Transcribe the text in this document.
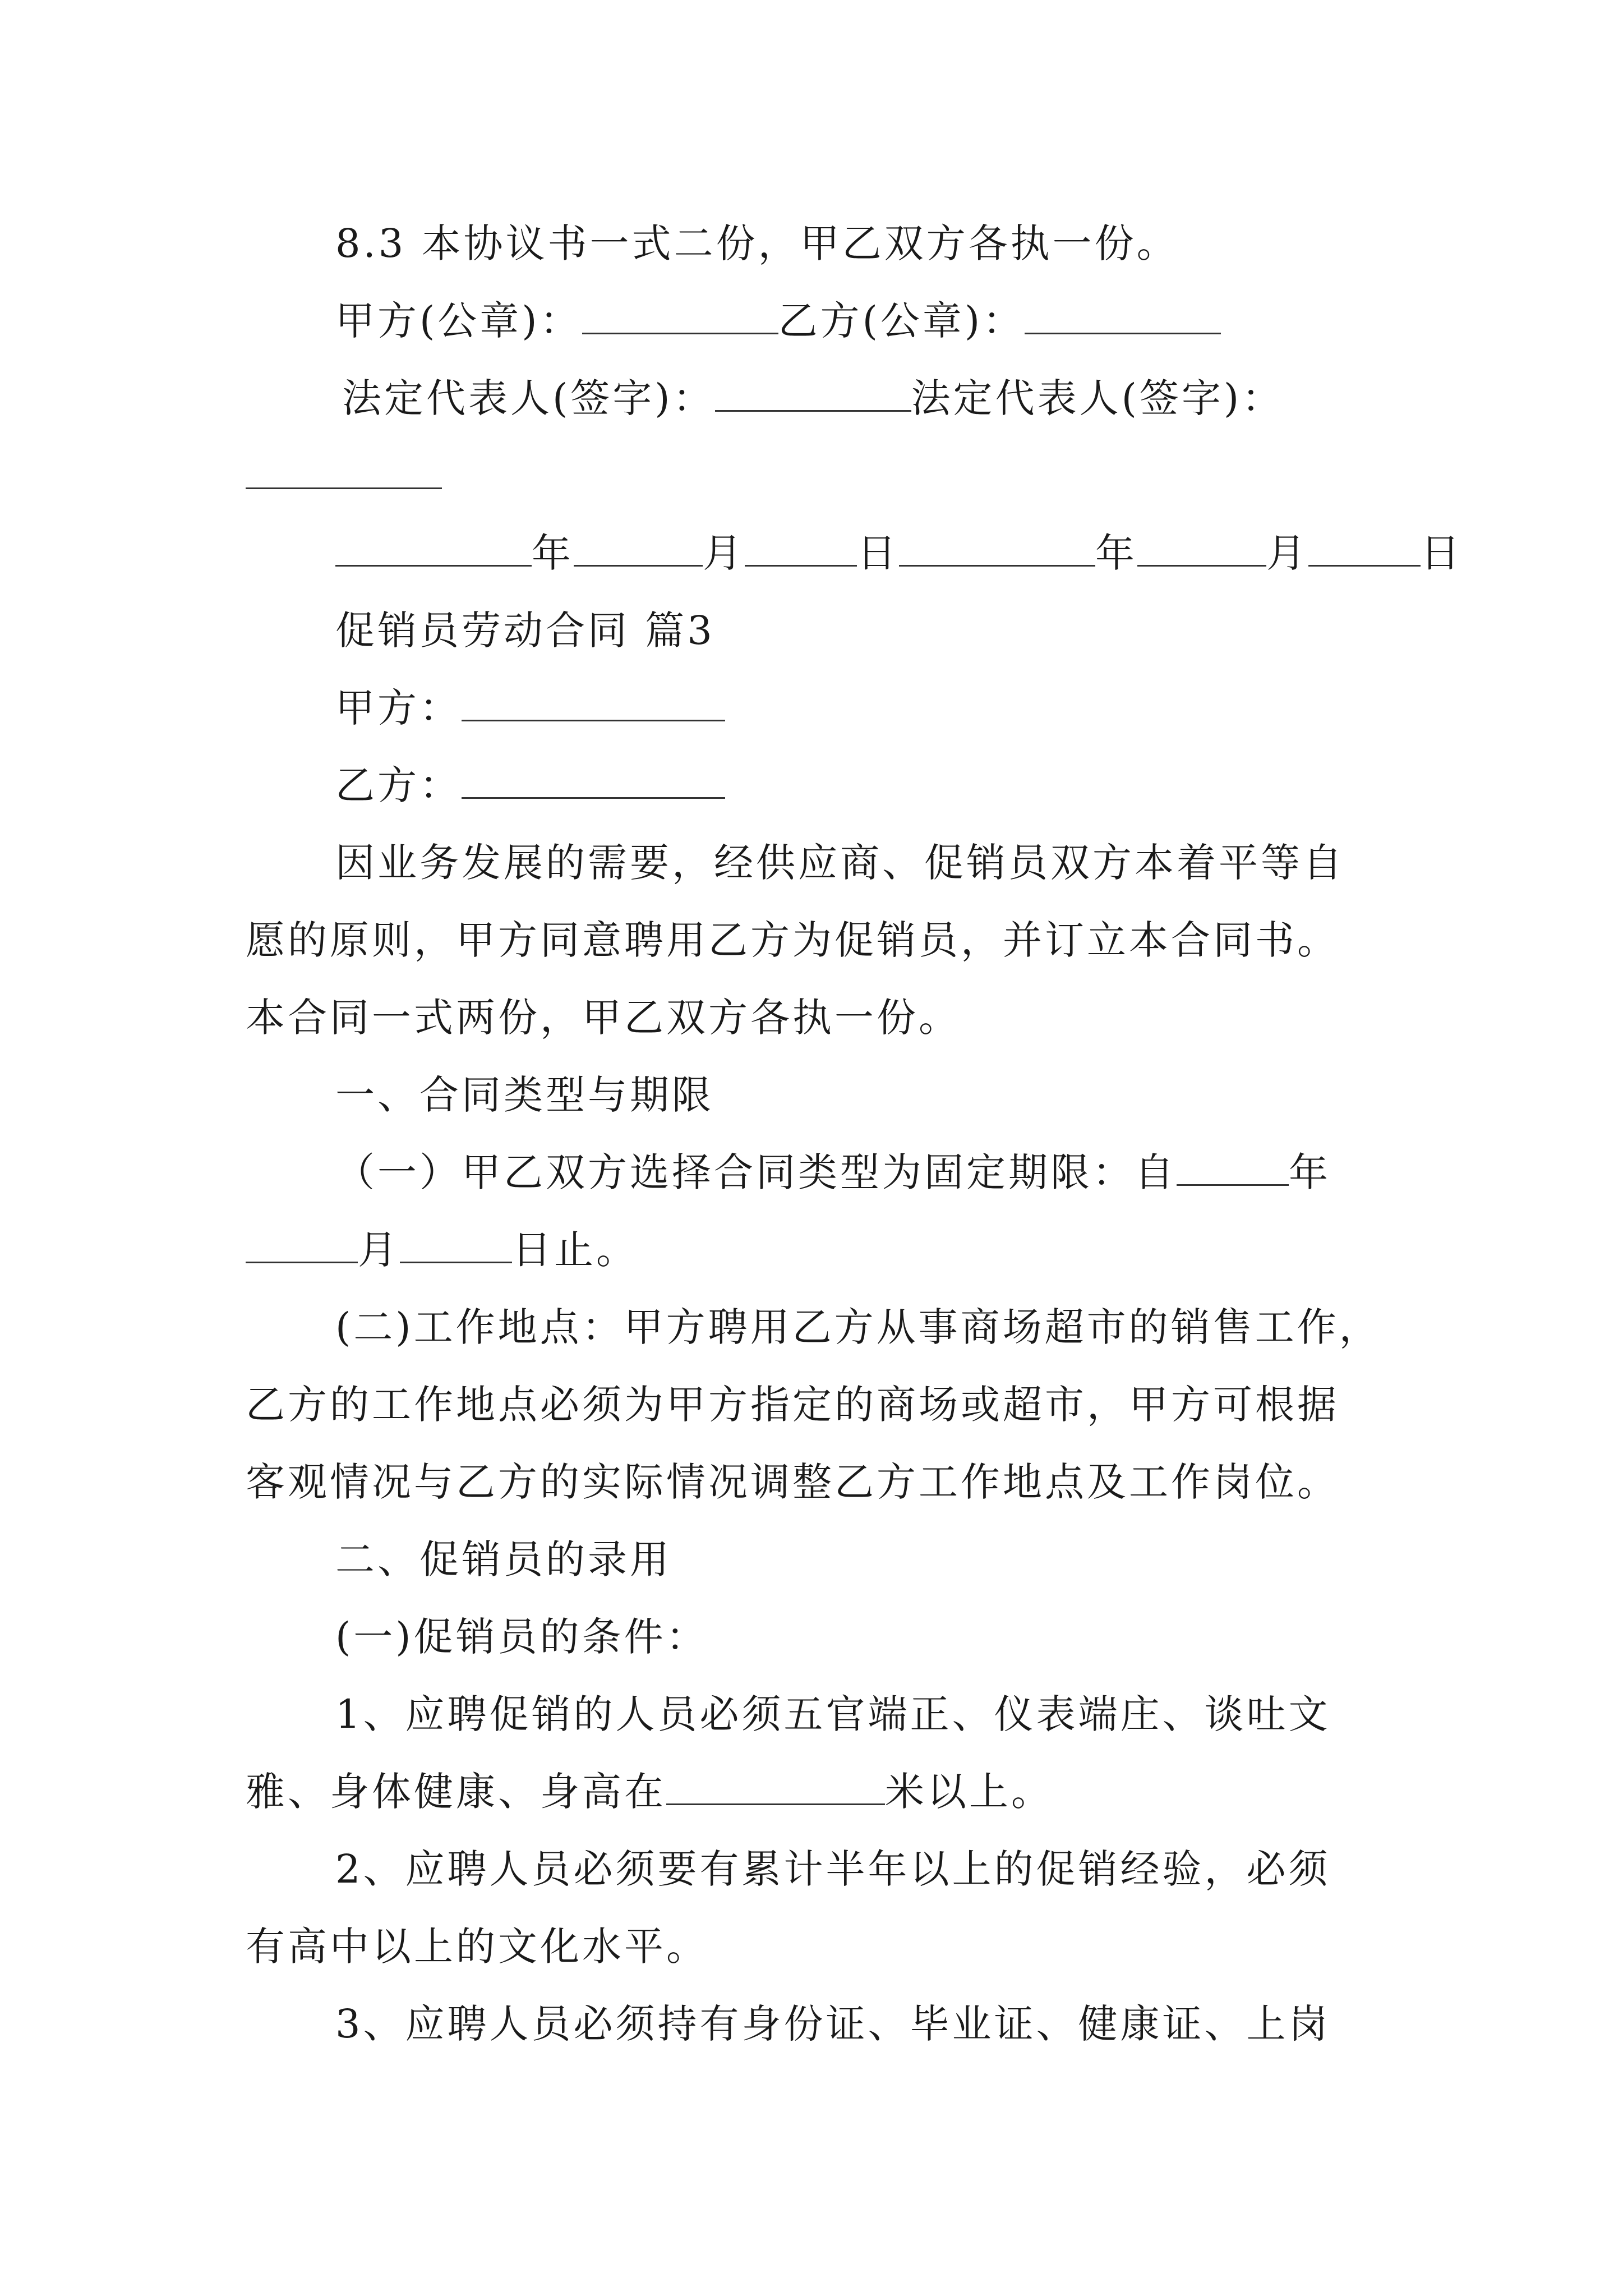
8.3 本协议书一式二份，甲乙双方各执一份。
甲方(公章)：	乙方(公章)：
法定代表人(签字)：	法定代表人(签字)：
年	月	日	年	月	日
促销员劳动合同 篇3
甲方：
乙方：
因业务发展的需要，经供应商、促销员双方本着平等自
愿的原则，甲方同意聘用乙方为促销员，并订立本合同书。
本合同一式两份，甲乙双方各执一份。
一、合同类型与期限
（一）甲乙双方选择合同类型为固定期限：自	年
月	日止。
(二)工作地点：甲方聘用乙方从事商场超市的销售工作，
乙方的工作地点必须为甲方指定的商场或超市，甲方可根据
客观情况与乙方的实际情况调整乙方工作地点及工作岗位。
二、促销员的录用
(一)促销员的条件：
1、应聘促销的人员必须五官端正、仪表端庄、谈吐文
雅、身体健康、身高在	米以上。
2、应聘人员必须要有累计半年以上的促销经验，必须
有高中以上的文化水平。
3、应聘人员必须持有身份证、毕业证、健康证、上岗
